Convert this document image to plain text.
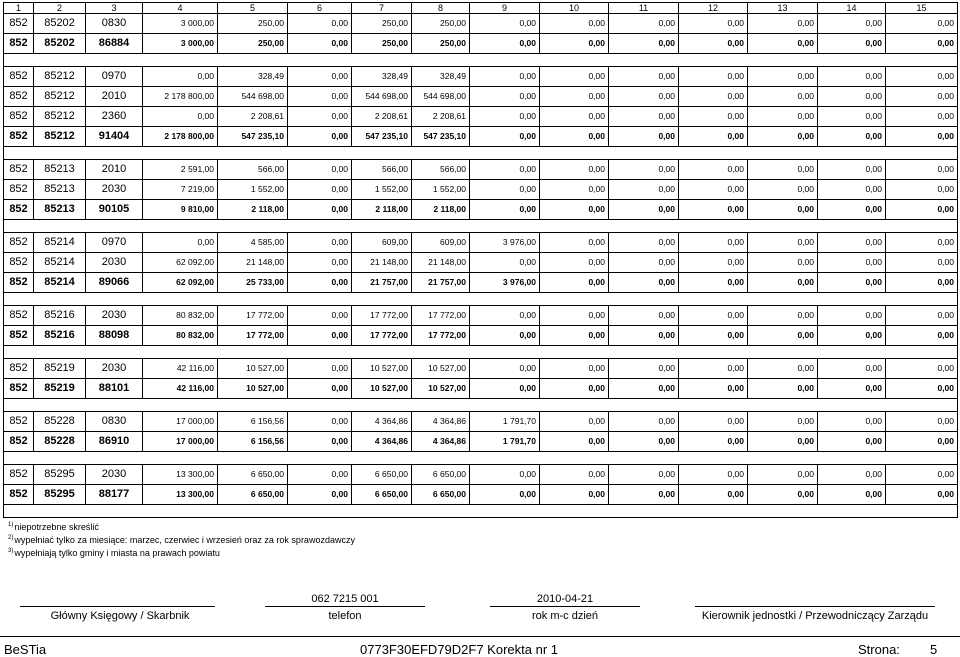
1	2	3	4	5	6	7	8	9	10	11	12	13	14	15
852	85202	0830	3 000,00	250,00	0,00	250,00	250,00	0,00	0,00	0,00	0,00	0,00	0,00	0,00
852	85202	86884	3 000,00	250,00	0,00	250,00	250,00	0,00	0,00	0,00	0,00	0,00	0,00	0,00

852	85212	0970	0,00	328,49	0,00	328,49	328,49	0,00	0,00	0,00	0,00	0,00	0,00	0,00
852	85212	2010	2 178 800,00	544 698,00	0,00	544 698,00	544 698,00	0,00	0,00	0,00	0,00	0,00	0,00	0,00
852	85212	2360	0,00	2 208,61	0,00	2 208,61	2 208,61	0,00	0,00	0,00	0,00	0,00	0,00	0,00
852	85212	91404	2 178 800,00	547 235,10	0,00	547 235,10	547 235,10	0,00	0,00	0,00	0,00	0,00	0,00	0,00

852	85213	2010	2 591,00	566,00	0,00	566,00	566,00	0,00	0,00	0,00	0,00	0,00	0,00	0,00
852	85213	2030	7 219,00	1 552,00	0,00	1 552,00	1 552,00	0,00	0,00	0,00	0,00	0,00	0,00	0,00
852	85213	90105	9 810,00	2 118,00	0,00	2 118,00	2 118,00	0,00	0,00	0,00	0,00	0,00	0,00	0,00

852	85214	0970	0,00	4 585,00	0,00	609,00	609,00	3 976,00	0,00	0,00	0,00	0,00	0,00	0,00
852	85214	2030	62 092,00	21 148,00	0,00	21 148,00	21 148,00	0,00	0,00	0,00	0,00	0,00	0,00	0,00
852	85214	89066	62 092,00	25 733,00	0,00	21 757,00	21 757,00	3 976,00	0,00	0,00	0,00	0,00	0,00	0,00

852	85216	2030	80 832,00	17 772,00	0,00	17 772,00	17 772,00	0,00	0,00	0,00	0,00	0,00	0,00	0,00
852	85216	88098	80 832,00	17 772,00	0,00	17 772,00	17 772,00	0,00	0,00	0,00	0,00	0,00	0,00	0,00

852	85219	2030	42 116,00	10 527,00	0,00	10 527,00	10 527,00	0,00	0,00	0,00	0,00	0,00	0,00	0,00
852	85219	88101	42 116,00	10 527,00	0,00	10 527,00	10 527,00	0,00	0,00	0,00	0,00	0,00	0,00	0,00

852	85228	0830	17 000,00	6 156,56	0,00	4 364,86	4 364,86	1 791,70	0,00	0,00	0,00	0,00	0,00	0,00
852	85228	86910	17 000,00	6 156,56	0,00	4 364,86	4 364,86	1 791,70	0,00	0,00	0,00	0,00	0,00	0,00

852	85295	2030	13 300,00	6 650,00	0,00	6 650,00	6 650,00	0,00	0,00	0,00	0,00	0,00	0,00	0,00
852	85295	88177	13 300,00	6 650,00	0,00	6 650,00	6 650,00	0,00	0,00	0,00	0,00	0,00	0,00	0,00

$^{1)}$niepotrzebne skreślić
$^{2)}$wypełniać tylko za miesiące: marzec, czerwiec i wrzesień oraz za rok sprawozdawczy
$^{3)}$wypełniają tylko gminy i miasta na prawach powiatu
Główny Księgowy / Skarbnik
062 7215 001
telefon
2010-04-21
rok m-c dzień	Kierownik jednostki / Przewodniczący Zarządu
BeSTia	0773F30EFD79D2F7 Korekta nr 1	Strona: 5
